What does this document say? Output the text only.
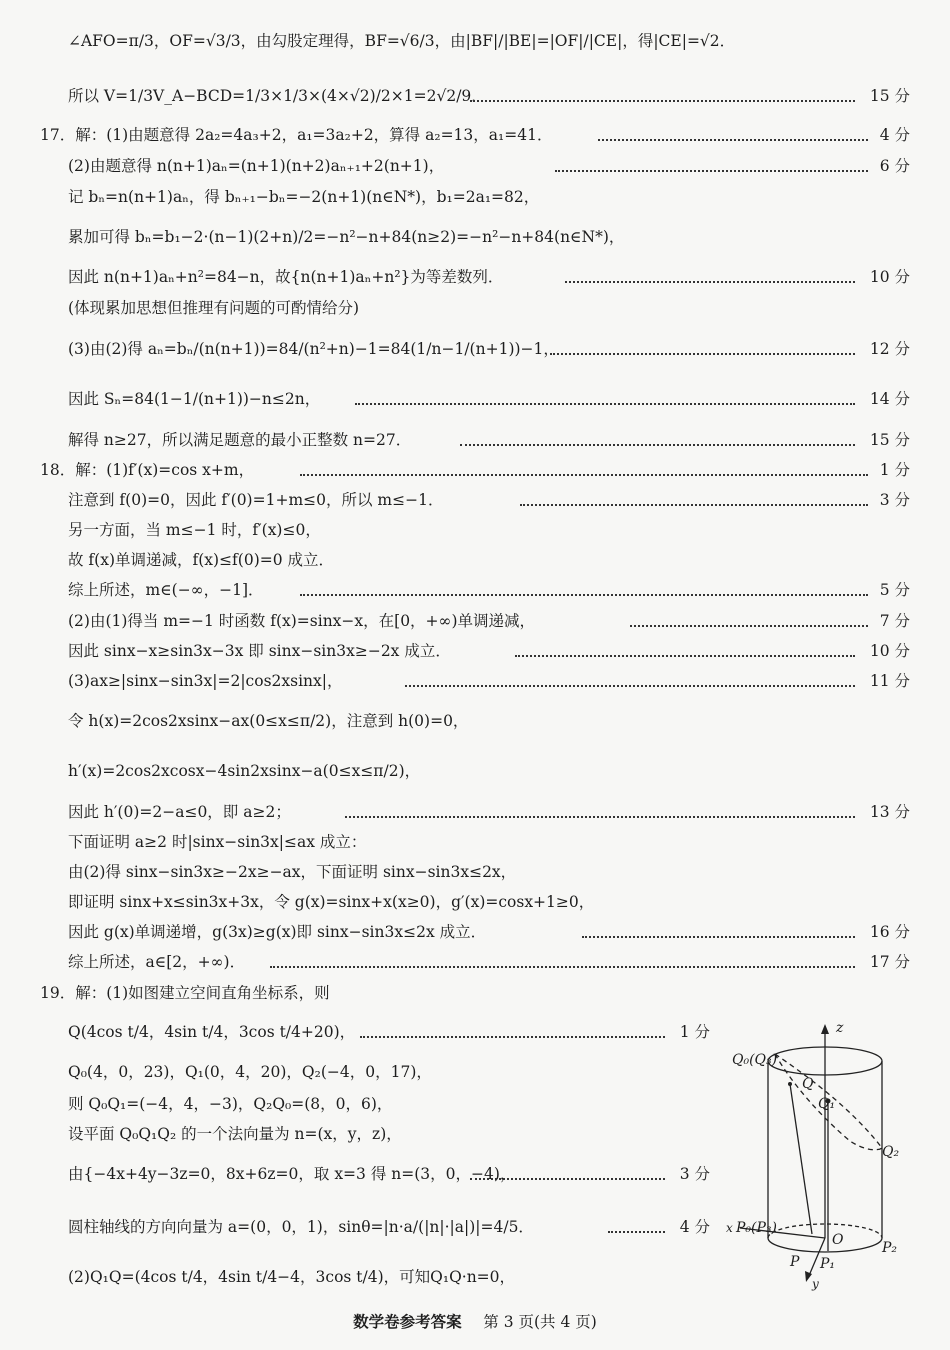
∠AFO=π/3，OF=√3/3，由勾股定理得，BF=√6/3，由|BF|/|BE|=|OF|/|CE|，得|CE|=√2．
所以 V=1/3V_A−BCD=1/3×1/3×(4×√2)/2×1=2√2/9．
17．解：(1)由题意得 2a₂=4a₃+2，a₁=3a₂+2，算得 a₂=13，a₁=41．
(2)由题意得 n(n+1)aₙ=(n+1)(n+2)aₙ₊₁+2(n+1)，
记 bₙ=n(n+1)aₙ，得 bₙ₊₁−bₙ=−2(n+1)(n∈N*)，b₁=2a₁=82，
累加可得 bₙ=b₁−2·(n−1)(2+n)/2=−n²−n+84(n≥2)=−n²−n+84(n∈N*)，
因此 n(n+1)aₙ+n²=84−n，故{n(n+1)aₙ+n²}为等差数列．
(体现累加思想但推理有问题的可酌情给分)
(3)由(2)得 aₙ=bₙ/(n(n+1))=84/(n²+n)−1=84(1/n−1/(n+1))−1，
因此 Sₙ=84(1−1/(n+1))−n≤2n，
解得 n≥27，所以满足题意的最小正整数 n=27．
18．解：(1)f′(x)=cos x+m，
注意到 f(0)=0，因此 f′(0)=1+m≤0，所以 m≤−1．
另一方面，当 m≤−1 时，f′(x)≤0，
故 f(x)单调递减，f(x)≤f(0)=0 成立．
综上所述，m∈(−∞，−1]．
(2)由(1)得当 m=−1 时函数 f(x)=sinx−x，在[0，+∞)单调递减，
因此 sinx−x≥sin3x−3x 即 sinx−sin3x≥−2x 成立．
(3)ax≥|sinx−sin3x|=2|cos2xsinx|，
令 h(x)=2cos2xsinx−ax(0≤x≤π/2)，注意到 h(0)=0，
h′(x)=2cos2xcosx−4sin2xsinx−a(0≤x≤π/2)，
因此 h′(0)=2−a≤0，即 a≥2；
下面证明 a≥2 时|sinx−sin3x|≤ax 成立：
由(2)得 sinx−sin3x≥−2x≥−ax，下面证明 sinx−sin3x≤2x，
即证明 sinx+x≤sin3x+3x，令 g(x)=sinx+x(x≥0)，g′(x)=cosx+1≥0，
因此 g(x)单调递增，g(3x)≥g(x)即 sinx−sin3x≤2x 成立．
综上所述，a∈[2，+∞)．
19．解：(1)如图建立空间直角坐标系，则
Q(4cos t/4，4sin t/4，3cos t/4+20)，
Q₀(4，0，23)，Q₁(0，4，20)，Q₂(−4，0，17)，
则 Q₀Q₁=(−4，4，−3)，Q₂Q₀=(8，0，6)，
设平面 Q₀Q₁Q₂ 的一个法向量为 n=(x，y，z)，
由{−4x+4y−3z=0，8x+6z=0，取 x=3 得 n=(3，0，−4)，
圆柱轴线的方向向量为 a=(0，0，1)，sinθ=|n·a/(|n|·|a|)|=4/5．
(2)Q₁Q=(4cos t/4，4sin t/4−4，3cos t/4)，可知Q₁Q·n=0，
15 分
4 分
6 分
10 分
12 分
14 分
15 分
1 分
3 分
5 分
7 分
10 分
11 分
13 分
16 分
17 分
1 分
3 分
4 分
z
Q₀(Q₃)
Q
Q₁
Q₂
x P₀(P₃)
O	P₂
P P₁
y
数学卷参考答案 第 3 页(共 4 页)
